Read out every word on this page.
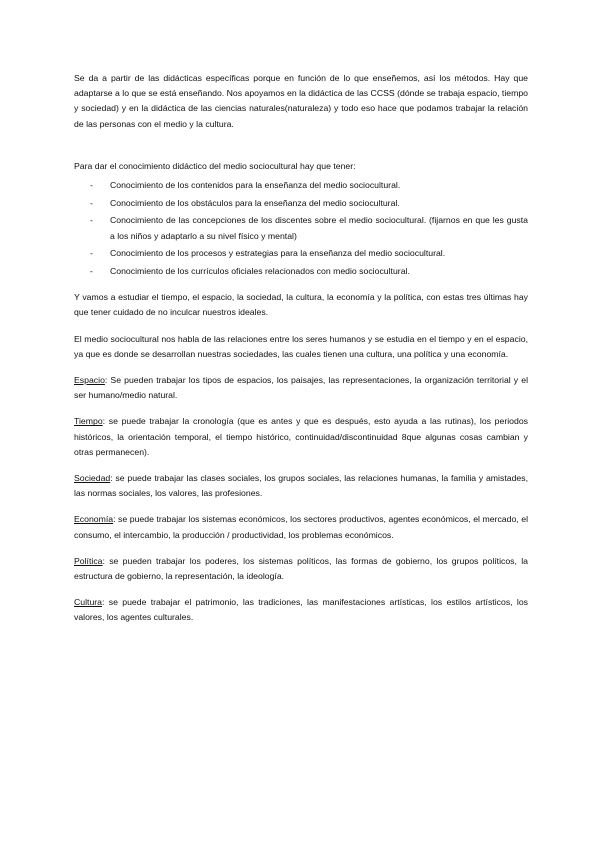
Se da a partir de las didácticas específicas porque en función de lo que enseñemos, así los métodos. Hay que adaptarse a lo que se está enseñando. Nos apoyamos en la didáctica de las CCSS (dónde se trabaja espacio, tiempo y sociedad) y en la didáctica de las ciencias naturales(naturaleza) y todo eso hace que podamos trabajar la relación de las personas con el medio y la cultura.

Para dar el conocimiento didáctico del medio sociocultural hay que tener:

- Conocimiento de los contenidos para la enseñanza del medio sociocultural.
- Conocimiento de los obstáculos para la enseñanza del medio sociocultural.
- Conocimiento de las concepciones de los discentes sobre el medio sociocultural. (fijarnos en que les gusta a los niños y adaptarlo a su nivel físico y mental)
- Conocimiento de los procesos y estrategias para la enseñanza del medio sociocultural.
- Conocimiento de los currículos oficiales relacionados con medio sociocultural.

Y vamos a estudiar el tiempo, el espacio, la sociedad, la cultura, la economía y la política, con estas tres últimas hay que tener cuidado de no inculcar nuestros ideales.

El medio sociocultural nos habla de las relaciones entre los seres humanos y se estudia en el tiempo y en el espacio, ya que es donde se desarrollan nuestras sociedades, las cuales tienen una cultura, una política y una economía.

Espacio: Se pueden trabajar los tipos de espacios, los paisajes, las representaciones, la organización territorial y el ser humano/medio natural.

Tiempo: se puede trabajar la cronología (que es antes y que es después, esto ayuda a las rutinas), los periodos históricos, la orientación temporal, el tiempo histórico, continuidad/discontinuidad 8que algunas cosas cambian y otras permanecen).

Sociedad: se puede trabajar las clases sociales, los grupos sociales, las relaciones humanas, la familia y amistades, las normas sociales, los valores, las profesiones.

Economía: se puede trabajar los sistemas económicos, los sectores productivos, agentes económicos, el mercado, el consumo, el intercambio, la producción / productividad, los problemas económicos.

Política: se pueden trabajar los poderes, los sistemas políticos, las formas de gobierno, los grupos políticos, la estructura de gobierno, la representación, la ideología.

Cultura: se puede trabajar el patrimonio, las tradiciones, las manifestaciones artísticas, los estilos artísticos, los valores, los agentes culturales.
